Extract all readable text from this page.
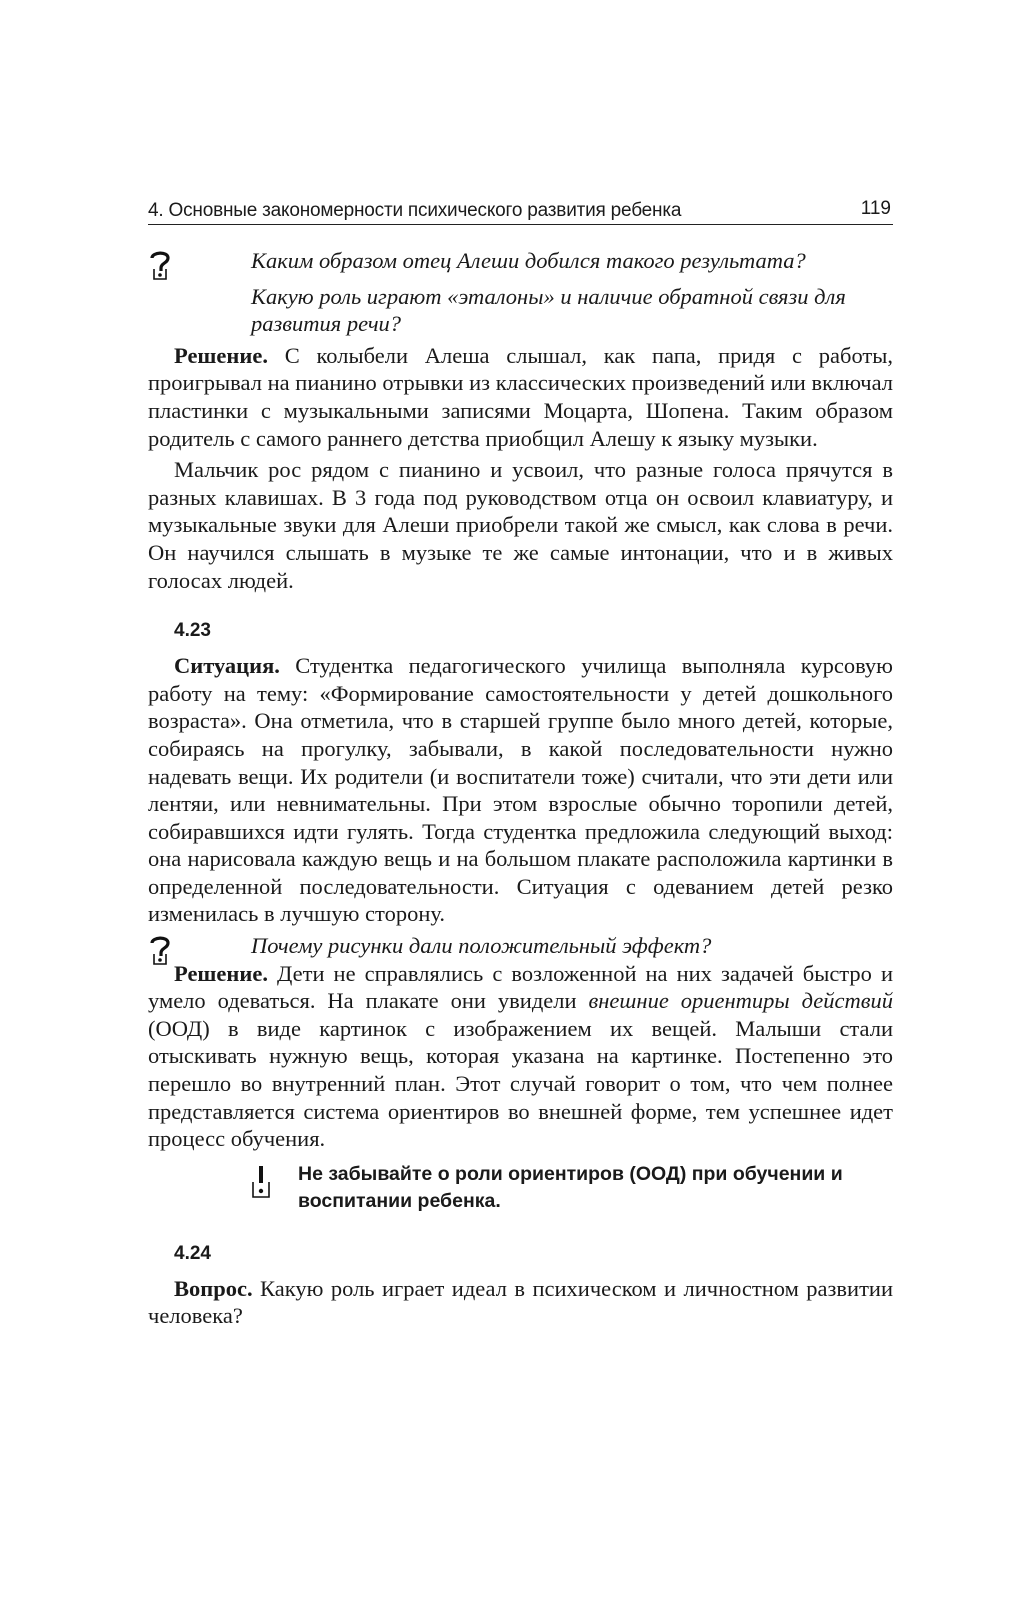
4. Основные закономерности психического развития ребенка	119

Каким образом отец Алеши добился такого результата?

Какую роль играют «эталоны» и наличие обратной связи для развития речи?

Решение. С колыбели Алеша слышал, как папа, придя с работы, проигрывал на пианино отрывки из классических произведений или включал пластинки с музыкальными записями Моцарта, Шопена. Таким образом родитель с самого раннего детства приобщил Алешу к языку музыки.

Мальчик рос рядом с пианино и усвоил, что разные голоса прячутся в разных клавишах. В 3 года под руководством отца он освоил клавиатуру, и музыкальные звуки для Алеши приобрели такой же смысл, как слова в речи. Он научился слышать в музыке те же самые интонации, что и в живых голосах людей.

4.23

Ситуация. Студентка педагогического училища выполняла курсовую работу на тему: «Формирование самостоятельности у детей дошкольного возраста». Она отметила, что в старшей группе было много детей, которые, собираясь на прогулку, забывали, в какой последовательности нужно надевать вещи. Их родители (и воспитатели тоже) считали, что эти дети или лентяи, или невнимательны. При этом взрослые обычно торопили детей, собиравшихся идти гулять. Тогда студентка предложила следующий выход: она нарисовала каждую вещь и на большом плакате расположила картинки в определенной последовательности. Ситуация с одеванием детей резко изменилась в лучшую сторону.

Почему рисунки дали положительный эффект?

Решение. Дети не справлялись с возложенной на них задачей быстро и умело одеваться. На плакате они увидели внешние ориентиры действий (ООД) в виде картинок с изображением их вещей. Малыши стали отыскивать нужную вещь, которая указана на картинке. Постепенно это перешло во внутренний план. Этот случай говорит о том, что чем полнее представляется система ориентиров во внешней форме, тем успешнее идет процесс обучения.

Не забывайте о роли ориентиров (ООД) при обучении и воспитании ребенка.

4.24

Вопрос. Какую роль играет идеал в психическом и личностном развитии человека?
